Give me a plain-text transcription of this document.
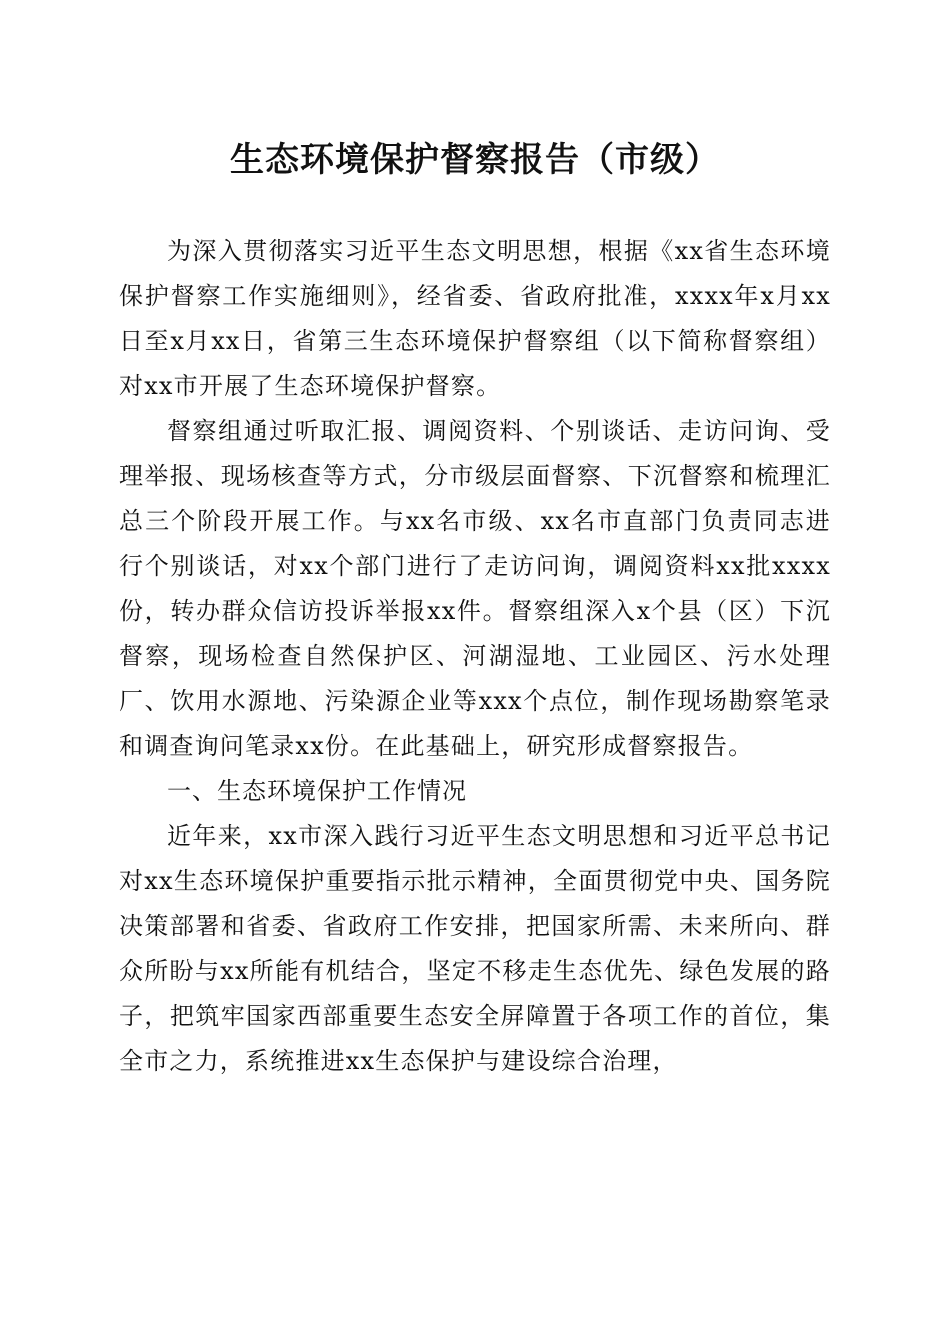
生态环境保护督察报告（市级）

为深入贯彻落实习近平生态文明思想，根据《xx省生态环境保护督察工作实施细则》，经省委、省政府批准，xxxx年x月xx日至x月xx日，省第三生态环境保护督察组（以下简称督察组）对xx市开展了生态环境保护督察。

督察组通过听取汇报、调阅资料、个别谈话、走访问询、受理举报、现场核查等方式，分市级层面督察、下沉督察和梳理汇总三个阶段开展工作。与xx名市级、xx名市直部门负责同志进行个别谈话，对xx个部门进行了走访问询，调阅资料xx批xxxx份，转办群众信访投诉举报xx件。督察组深入x个县（区）下沉督察，现场检查自然保护区、河湖湿地、工业园区、污水处理厂、饮用水源地、污染源企业等xxx个点位，制作现场勘察笔录和调查询问笔录xx份。在此基础上，研究形成督察报告。

一、生态环境保护工作情况

近年来，xx市深入践行习近平生态文明思想和习近平总书记对xx生态环境保护重要指示批示精神，全面贯彻党中央、国务院决策部署和省委、省政府工作安排，把国家所需、未来所向、群众所盼与xx所能有机结合，坚定不移走生态优先、绿色发展的路子，把筑牢国家西部重要生态安全屏障置于各项工作的首位，集全市之力，系统推进xx生态保护与建设综合治理，
